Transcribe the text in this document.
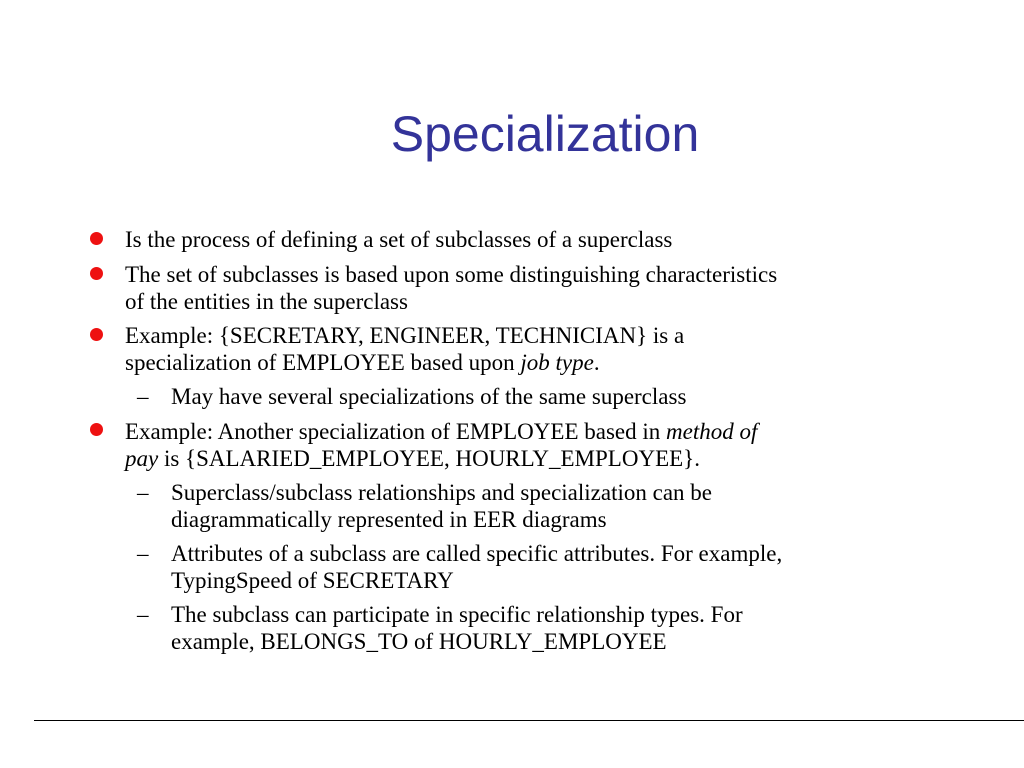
Specialization
Is the process of defining a set of subclasses of a superclass
The set of subclasses is based upon some distinguishing characteristics
of the entities in the superclass
Example: {SECRETARY, ENGINEER, TECHNICIAN} is a
specialization of EMPLOYEE based upon job type.
– May have several specializations of the same superclass
Example: Another specialization of EMPLOYEE based in method of
pay is {SALARIED_EMPLOYEE, HOURLY_EMPLOYEE}.
– Superclass/subclass relationships and specialization can be
diagrammatically represented in EER diagrams
– Attributes of a subclass are called specific attributes. For example,
TypingSpeed of SECRETARY
– The subclass can participate in specific relationship types. For
example, BELONGS_TO of HOURLY_EMPLOYEE
